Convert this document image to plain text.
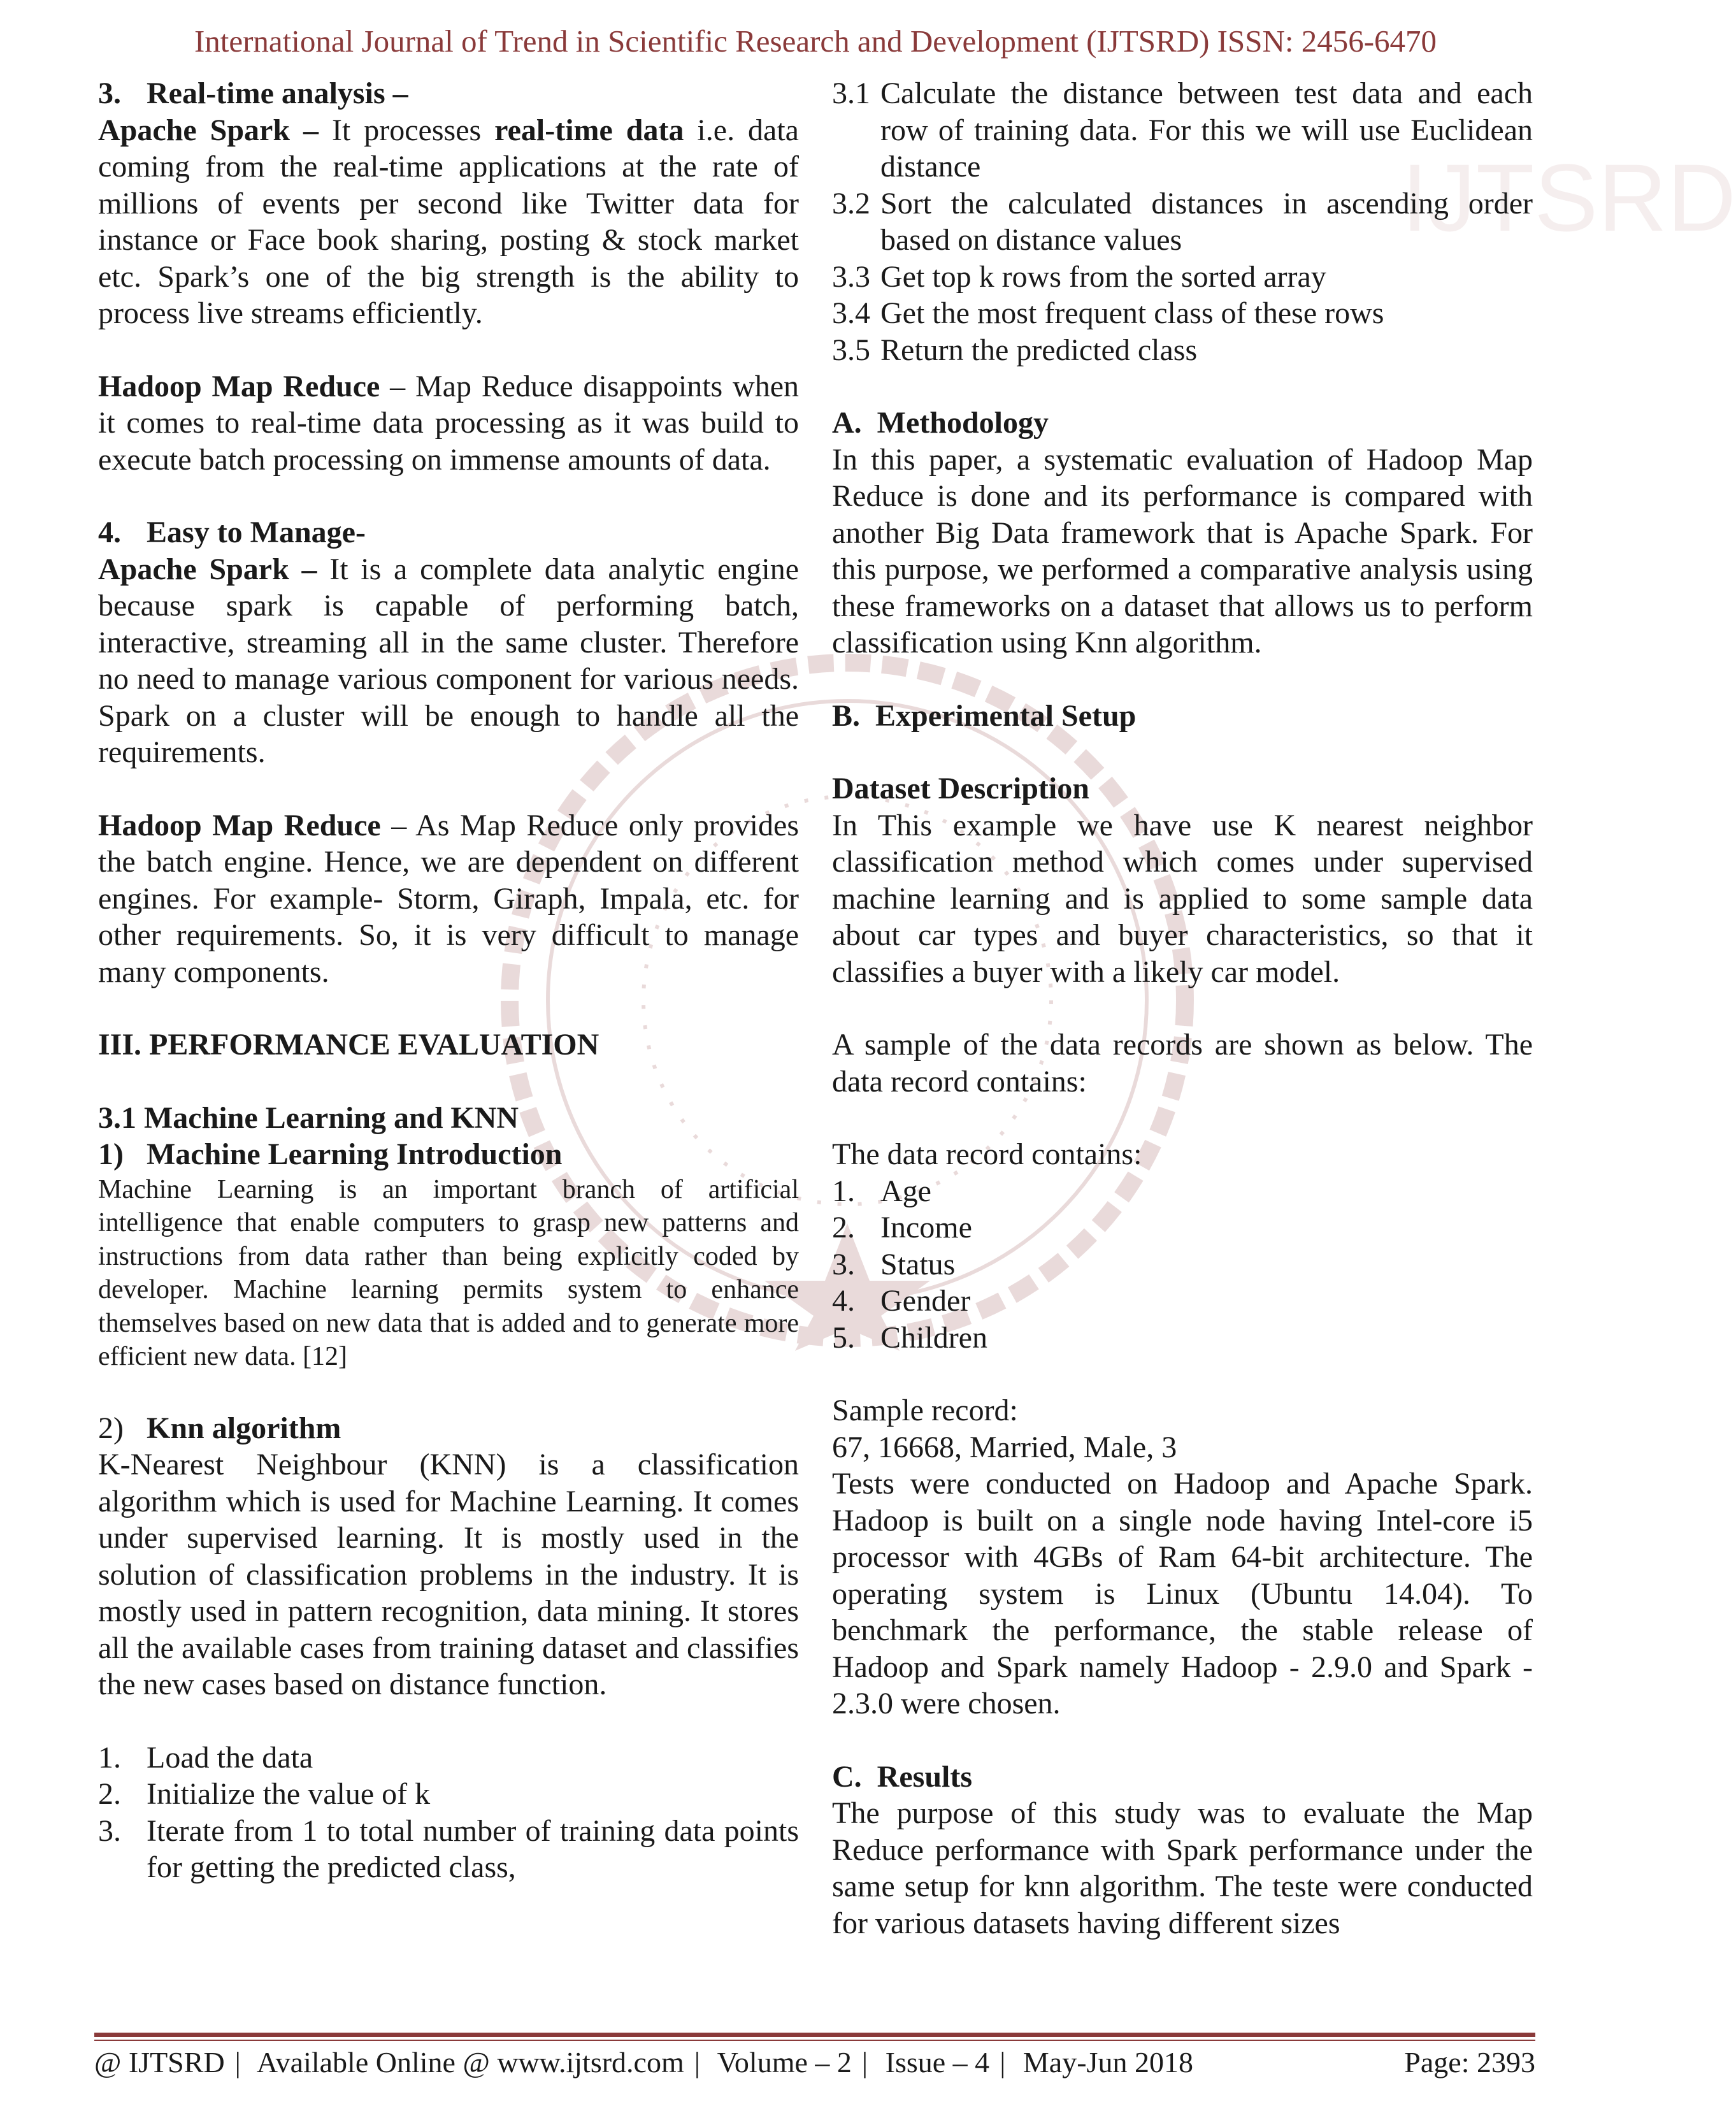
International Journal of Trend in Scientific Research and Development (IJTSRD) ISSN: 2456-6470
IJTSRD
3. Real-time analysis –

Apache Spark – It processes real-time data i.e. data coming from the real-time applications at the rate of millions of events per second like Twitter data for instance or Face book sharing, posting & stock market etc. Spark’s one of the big strength is the ability to process live streams efficiently.

Hadoop Map Reduce – Map Reduce disappoints when it comes to real-time data processing as it was build to execute batch processing on immense amounts of data.

4. Easy to Manage-

Apache Spark – It is a complete data analytic engine because spark is capable of performing batch, interactive, streaming all in the same cluster. Therefore no need to manage various component for various needs. Spark on a cluster will be enough to handle all the requirements.

Hadoop Map Reduce – As Map Reduce only provides the batch engine. Hence, we are dependent on different engines. For example- Storm, Giraph, Impala, etc. for other requirements. So, it is very difficult to manage many components.

III. PERFORMANCE EVALUATION

3.1 Machine Learning and KNN

1) Machine Learning Introduction

Machine Learning is an important branch of artificial intelligence that enable computers to grasp new patterns and instructions from data rather than being explicitly coded by developer. Machine learning permits system to enhance themselves based on new data that is added and to generate more efficient new data. [12]

2) Knn algorithm

K-Nearest Neighbour (KNN) is a classification algorithm which is used for Machine Learning. It comes under supervised learning. It is mostly used in the solution of classification problems in the industry. It is mostly used in pattern recognition, data mining. It stores all the available cases from training dataset and classifies the new cases based on distance function.

1. Load the data
2. Initialize the value of k
3. Iterate from 1 to total number of training data points for getting the predicted class,
3.1 Calculate the distance between test data and each row of training data. For this we will use Euclidean distance
3.2 Sort the calculated distances in ascending order based on distance values
3.3 Get top k rows from the sorted array
3.4 Get the most frequent class of these rows
3.5 Return the predicted class

A.  Methodology

In this paper, a systematic evaluation of Hadoop Map Reduce is done and its performance is compared with another Big Data framework that is Apache Spark. For this purpose, we performed a comparative analysis using these frameworks on a dataset that allows us to perform classification using Knn algorithm.

B.  Experimental Setup

Dataset Description

In This example we have use K nearest neighbor classification method which comes under supervised machine learning and is applied to some sample data about car types and buyer characteristics, so that it classifies a buyer with a likely car model.

A sample of the data records are shown as below. The data record contains:

The data record contains:

1. Age
2. Income
3. Status
4. Gender
5. Children

Sample record:

67, 16668, Married, Male, 3

Tests were conducted on Hadoop and Apache Spark. Hadoop is built on a single node having Intel-core i5 processor with 4GBs of Ram 64-bit architecture. The operating system is Linux (Ubuntu 14.04). To benchmark the performance, the stable release of Hadoop and Spark namely Hadoop - 2.9.0 and Spark - 2.3.0 were chosen.

C.  Results

The purpose of this study was to evaluate the Map Reduce performance with Spark performance under the same setup for knn algorithm. The teste were conducted for various datasets having different sizes

@ IJTSRD | Available Online @ www.ijtsrd.com | Volume – 2 | Issue – 4 | May-Jun 2018	Page: 2393
